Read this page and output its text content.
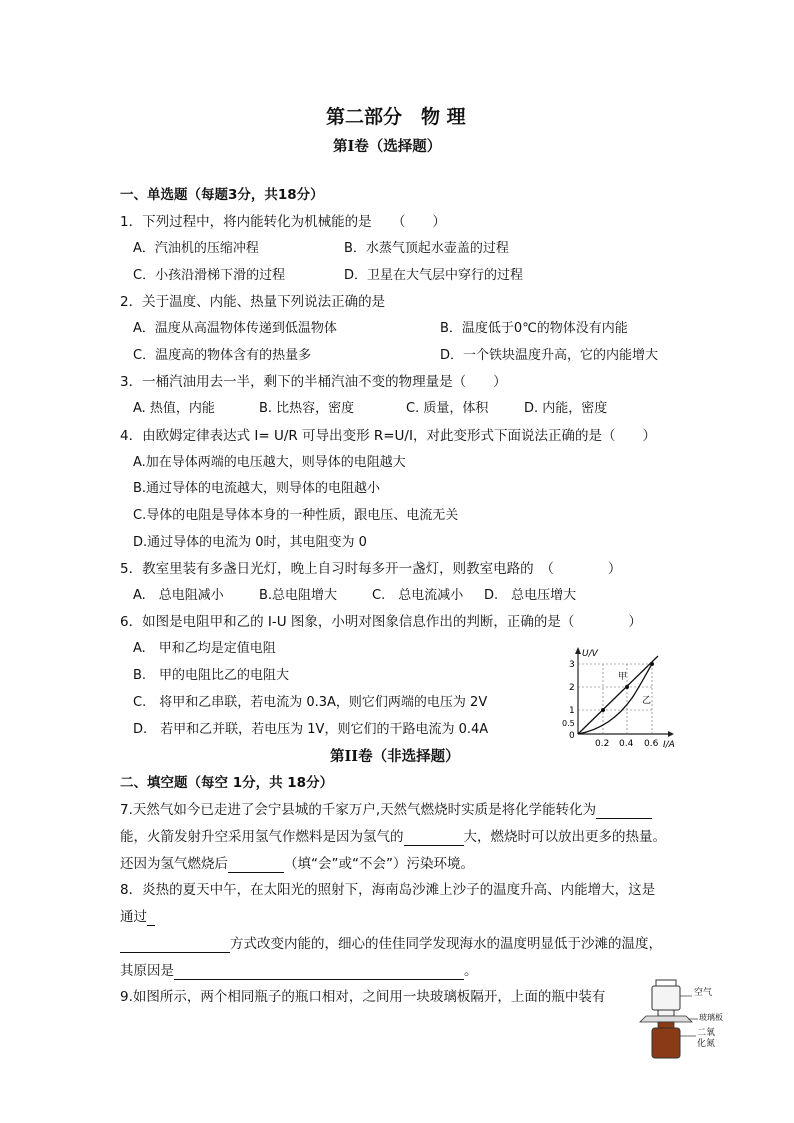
第二部分　物 理
第Ⅰ卷（选择题）
一、单选题（每题3分，共18分）
1．下列过程中，将内能转化为机械能的是　　（　　）
A．汽油机的压缩冲程	B．水蒸气顶起水壶盖的过程
C．小孩沿滑梯下滑的过程	D．卫星在大气层中穿行的过程
2．关于温度、内能、热量下列说法正确的是
A．温度从高温物体传递到低温物体	B．温度低于0℃的物体没有内能
C．温度高的物体含有的热量多	D．一个铁块温度升高，它的内能增大
3．一桶汽油用去一半，剩下的半桶汽油不变的物理量是（　　）
A. 热值，内能	B. 比热容，密度	C. 质量，体积	D. 内能，密度
4．由欧姆定律表达式 I= U/R 可导出变形 R=U/I，对此变形式下面说法正确的是（　　）
A.加在导体两端的电压越大，则导体的电阻越大
B.通过导体的电流越大，则导体的电阻越小
C.导体的电阻是导体本身的一种性质，跟电压、电流无关
D.通过导体的电流为 0时，其电阻变为 0
5．教室里装有多盏日光灯，晚上自习时每多开一盏灯，则教室电路的　（　　　　）
A.　总电阻减小	B.总电阻增大	C.　总电流减小 D.　总电压增大
6．如图是电阻甲和乙的 I-U 图象，小明对图象信息作出的判断，正确的是（　　　　）
A.　甲和乙均是定值电阻
B.　甲的电阻比乙的电阻大
C.　将甲和乙串联，若电流为 0.3A，则它们两端的电压为 2V
D.　若甲和乙并联，若电压为 1V，则它们的干路电流为 0.4A
U/V
I/A
3
2
1
0.5
0
0.2 0.4 0.6
甲
乙
第II卷（非选择题）
二、填空题（每空 1分，共 18分）
7.天然气如今已走进了会宁县城的千家万户,天然气燃烧时实质是将化学能转化为
能，火箭发射升空采用氢气作燃料是因为氢气的	大，燃烧时可以放出更多的热量。
还因为氢气燃烧后	（填“会”或“不会”）污染环境。
8．炎热的夏天中午，在太阳光的照射下，海南岛沙滩上沙子的温度升高、内能增大，这是
通过
方式改变内能的，细心的佳佳同学发现海水的温度明显低于沙滩的温度，
其原因是	。
9.如图所示，两个相同瓶子的瓶口相对，之间用一块玻璃板隔开，上面的瓶中装有	空气
玻璃板
二氧化氮
